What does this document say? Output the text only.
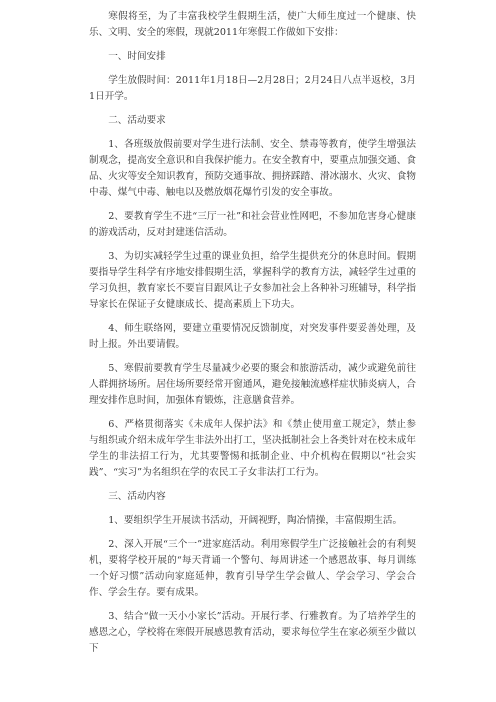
寒假将至，为了丰富我校学生假期生活，使广大师生度过一个健康、快乐、文明、安全的寒假，现就2011年寒假工作做如下安排：

一、时间安排

学生放假时间：2011年1月18日—2月28日；2月24日八点半返校，3月1日开学。

二、活动要求

1、各班级放假前要对学生进行法制、安全、禁毒等教育，使学生增强法制观念，提高安全意识和自我保护能力。在安全教育中，要重点加强交通、食品、火灾等安全知识教育，预防交通事故、拥挤踩踏、滑冰溺水、火灾、食物中毒、煤气中毒、触电以及燃放烟花爆竹引发的安全事故。

2、要教育学生不进“三厅一社”和社会营业性网吧，不参加危害身心健康的游戏活动，反对封建迷信活动。

3、为切实减轻学生过重的课业负担，给学生提供充分的休息时间。假期要指导学生科学有序地安排假期生活，掌握科学的教育方法，减轻学生过重的学习负担，教育家长不要盲目跟风让子女参加社会上各种补习班辅导，科学指导家长在保证子女健康成长、提高素质上下功夫。

4、师生联络网，要建立重要情况反馈制度，对突发事件要妥善处理，及时上报。外出要请假。

5、寒假前要教育学生尽量减少必要的聚会和旅游活动，减少或避免前往人群拥挤场所。居住场所要经常开窗通风，避免接触流感样症状肺炎病人，合理安排作息时间，加强体育锻炼，注意膳食营养。

6、严格贯彻落实《未成年人保护法》和《禁止使用童工规定》，禁止参与组织或介绍未成年学生非法外出打工，坚决抵制社会上各类针对在校未成年学生的非法招工行为，尤其要警惕和抵制企业、中介机构在假期以“社会实践”、“实习”为名组织在学的农民工子女非法打工行为。

三、活动内容

1、要组织学生开展读书活动，开阔视野，陶冶情操，丰富假期生活。

2、深入开展“三个一”进家庭活动。利用寒假学生广泛接触社会的有利契机，要将学校开展的“每天背诵一个警句、每周讲述一个感恩故事、每月训练一个好习惯”活动向家庭延伸，教育引导学生学会做人、学会学习、学会合作、学会生存。要有成果。

3、结合“做一天小小家长”活动。开展行孝、行雅教育。为了培养学生的感恩之心，学校将在寒假开展感恩教育活动，要求每位学生在家必须至少做以下
